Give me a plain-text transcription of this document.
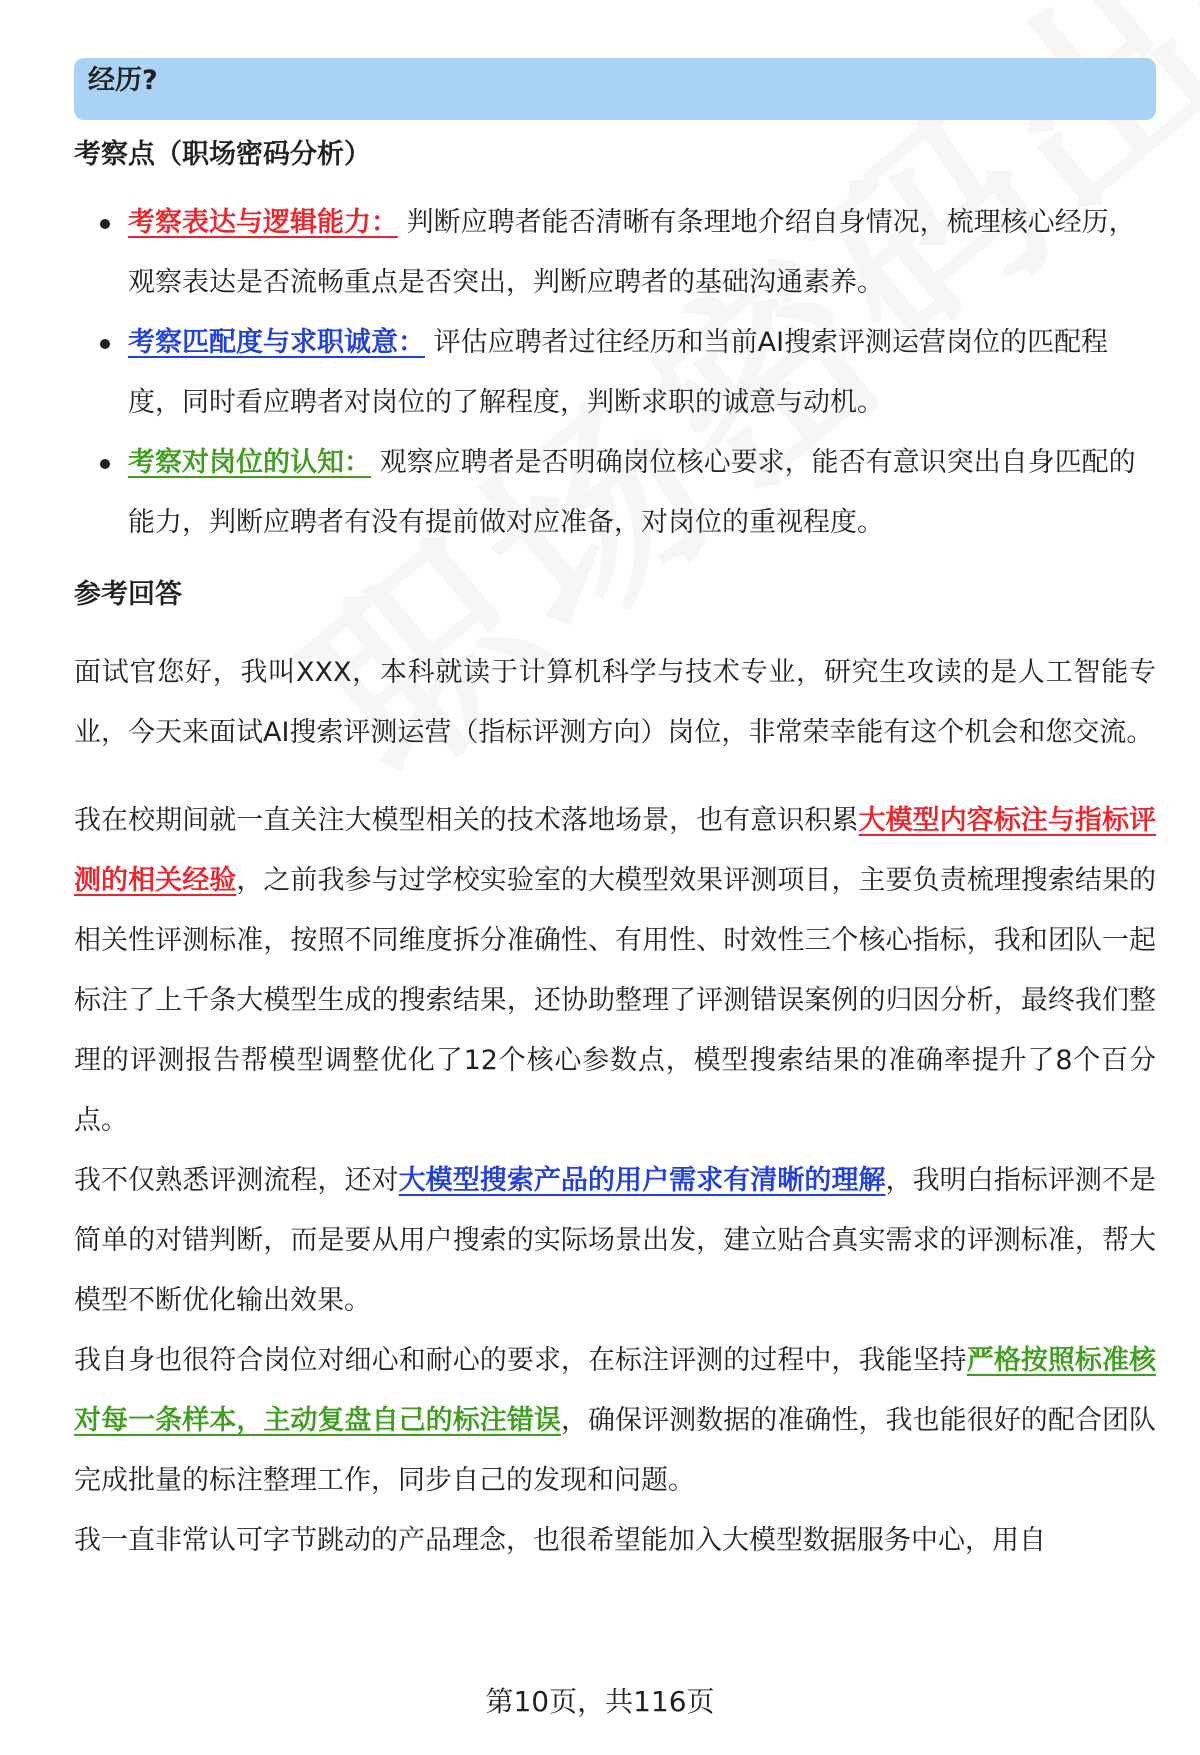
经历?
考察点（职场密码分析）
考察表达与逻辑能力： 判断应聘者能否清晰有条理地介绍自身情况，梳理核心经历，观察表达是否流畅重点是否突出，判断应聘者的基础沟通素养。
考察匹配度与求职诚意： 评估应聘者过往经历和当前AI搜索评测运营岗位的匹配程度，同时看应聘者对岗位的了解程度，判断求职的诚意与动机。
考察对岗位的认知： 观察应聘者是否明确岗位核心要求，能否有意识突出自身匹配的能力，判断应聘者有没有提前做对应准备，对岗位的重视程度。
参考回答

面试官您好，我叫XXX，本科就读于计算机科学与技术专业，研究生攻读的是人工智能专业，今天来面试AI搜索评测运营（指标评测方向）岗位，非常荣幸能有这个机会和您交流。

我在校期间就一直关注大模型相关的技术落地场景，也有意识积累大模型内容标注与指标评测的相关经验，之前我参与过学校实验室的大模型效果评测项目，主要负责梳理搜索结果的相关性评测标准，按照不同维度拆分准确性、有用性、时效性三个核心指标，我和团队一起标注了上千条大模型生成的搜索结果，还协助整理了评测错误案例的归因分析，最终我们整理的评测报告帮模型调整优化了12个核心参数点，模型搜索结果的准确率提升了8个百分点。

我不仅熟悉评测流程，还对大模型搜索产品的用户需求有清晰的理解，我明白指标评测不是简单的对错判断，而是要从用户搜索的实际场景出发，建立贴合真实需求的评测标准，帮大模型不断优化输出效果。

我自身也很符合岗位对细心和耐心的要求，在标注评测的过程中，我能坚持严格按照标准核对每一条样本，主动复盘自己的标注错误，确保评测数据的准确性，我也能很好的配合团队完成批量的标注整理工作，同步自己的发现和问题。

我一直非常认可字节跳动的产品理念，也很希望能加入大模型数据服务中心，用自

第10页，共116页
